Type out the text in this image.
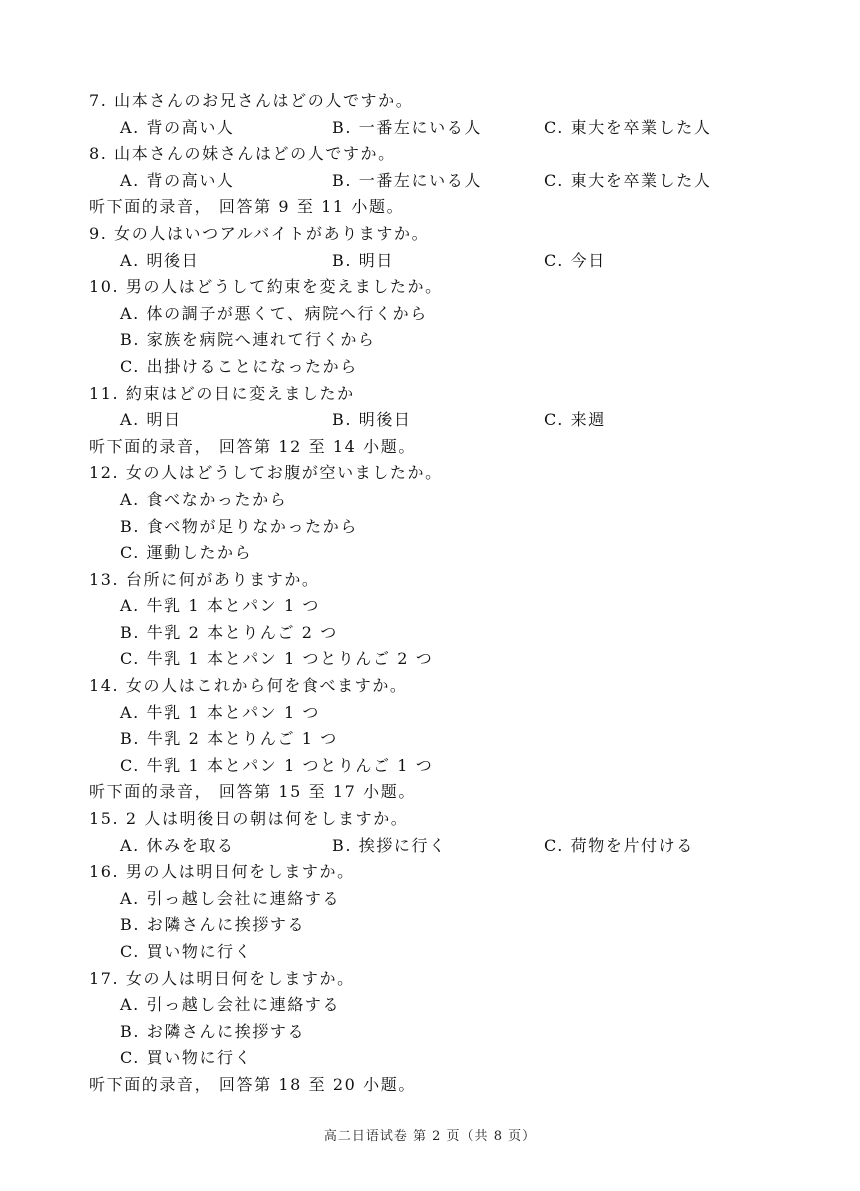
7. 山本さんのお兄さんはどの人ですか。
A. 背の高い人	B. 一番左にいる人	C. 東大を卒業した人
8. 山本さんの妹さんはどの人ですか。
A. 背の高い人	B. 一番左にいる人	C. 東大を卒業した人
听下面的录音， 回答第 9 至 11 小题。
9. 女の人はいつアルバイトがありますか。
A. 明後日	B. 明日	C. 今日
10. 男の人はどうして約束を変えましたか。
A. 体の調子が悪くて、病院へ行くから
B. 家族を病院へ連れて行くから
C. 出掛けることになったから
11. 約束はどの日に変えましたか
A. 明日	B. 明後日	C. 来週
听下面的录音， 回答第 12 至 14 小题。
12. 女の人はどうしてお腹が空いましたか。
A. 食べなかったから
B. 食べ物が足りなかったから
C. 運動したから
13. 台所に何がありますか。
A. 牛乳 1 本とパン 1 つ
B. 牛乳 2 本とりんご 2 つ
C. 牛乳 1 本とパン 1 つとりんご 2 つ
14. 女の人はこれから何を食べますか。
A. 牛乳 1 本とパン 1 つ
B. 牛乳 2 本とりんご 1 つ
C. 牛乳 1 本とパン 1 つとりんご 1 つ
听下面的录音， 回答第 15 至 17 小题。
15. 2 人は明後日の朝は何をしますか。
A. 休みを取る	B. 挨拶に行く	C. 荷物を片付ける
16. 男の人は明日何をしますか。
A. 引っ越し会社に連絡する
B. お隣さんに挨拶する
C. 買い物に行く
17. 女の人は明日何をしますか。
A. 引っ越し会社に連絡する
B. お隣さんに挨拶する
C. 買い物に行く
听下面的录音， 回答第 18 至 20 小题。
高二日语试卷 第 2 页（共 8 页）
